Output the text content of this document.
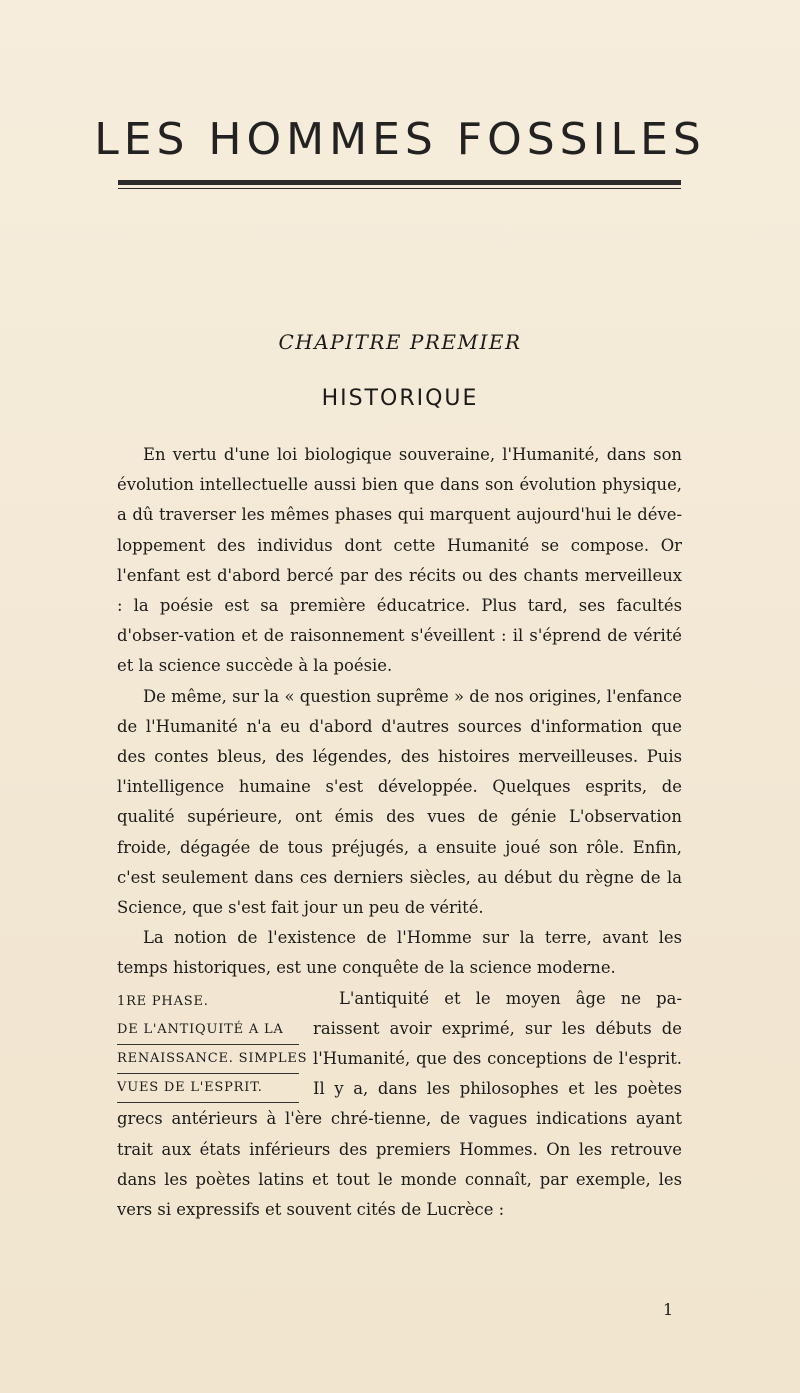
LES HOMMES FOSSILES
CHAPITRE PREMIER
HISTORIQUE

En vertu d'une loi biologique souveraine, l'Humanité, dans son évolution intellectuelle aussi bien que dans son évolution physique, a dû traverser les mêmes phases qui marquent aujourd'hui le déve-loppement des individus dont cette Humanité se compose. Or l'enfant est d'abord bercé par des récits ou des chants merveilleux : la poésie est sa première éducatrice. Plus tard, ses facultés d'obser-vation et de raisonnement s'éveillent : il s'éprend de vérité et la science succède à la poésie.

De même, sur la « question suprême » de nos origines, l'enfance de l'Humanité n'a eu d'abord d'autres sources d'information que des contes bleus, des légendes, des histoires merveilleuses. Puis l'intelligence humaine s'est développée. Quelques esprits, de qualité supérieure, ont émis des vues de génie L'observation froide, dégagée de tous préjugés, a ensuite joué son rôle. Enfin, c'est seulement dans ces derniers siècles, au début du règne de la Science, que s'est fait jour un peu de vérité.

La notion de l'existence de l'Homme sur la terre, avant les temps historiques, est une conquête de la science moderne.

1RE PHASE.
DE L'ANTIQUITÉ A LA
RENAISSANCE. SIMPLES
VUES DE L'ESPRIT.

L'antiquité et le moyen âge ne pa-raissent avoir exprimé, sur les débuts de l'Humanité, que des conceptions de l'esprit. Il y a, dans les philosophes et les poètes grecs antérieurs à l'ère chré-tienne, de vagues indications ayant trait aux états inférieurs des premiers Hommes. On les retrouve dans les poètes latins et tout le monde connaît, par exemple, les vers si expressifs et souvent cités de Lucrèce :

1
